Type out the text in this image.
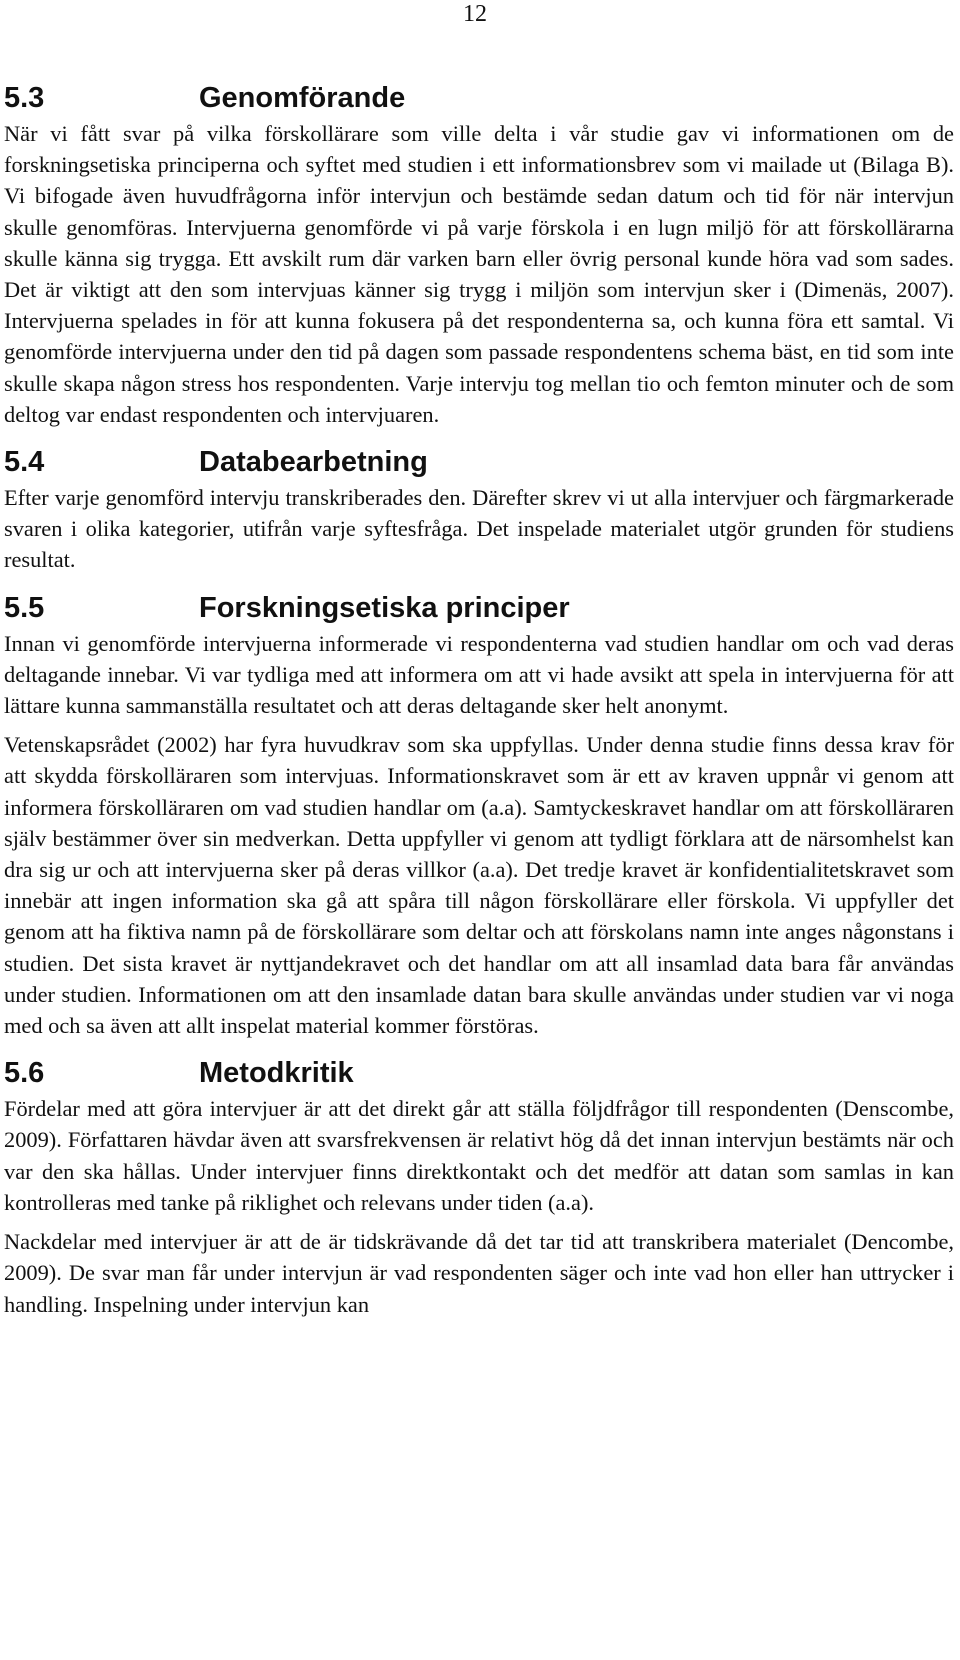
12
5.3	Genomförande

När vi fått svar på vilka förskollärare som ville delta i vår studie gav vi informationen om de forskningsetiska principerna och syftet med studien i ett informationsbrev som vi mailade ut (Bilaga B). Vi bifogade även huvudfrågorna inför intervjun och bestämde sedan datum och tid för när intervjun skulle genomföras. Intervjuerna genomförde vi på varje förskola i en lugn miljö för att förskollärarna skulle känna sig trygga. Ett avskilt rum där varken barn eller övrig personal kunde höra vad som sades. Det är viktigt att den som intervjuas känner sig trygg i miljön som intervjun sker i (Dimenäs, 2007). Intervjuerna spelades in för att kunna fokusera på det respondenterna sa, och kunna föra ett samtal. Vi genomförde intervjuerna under den tid på dagen som passade respondentens schema bäst, en tid som inte skulle skapa någon stress hos respondenten. Varje intervju tog mellan tio och femton minuter och de som deltog var endast respondenten och intervjuaren.

5.4	Databearbetning

Efter varje genomförd intervju transkriberades den. Därefter skrev vi ut alla intervjuer och färgmarkerade svaren i olika kategorier, utifrån varje syftesfråga. Det inspelade materialet utgör grunden för studiens resultat.

5.5	Forskningsetiska principer

Innan vi genomförde intervjuerna informerade vi respondenterna vad studien handlar om och vad deras deltagande innebar. Vi var tydliga med att informera om att vi hade avsikt att spela in intervjuerna för att lättare kunna sammanställa resultatet och att deras deltagande sker helt anonymt.

Vetenskapsrådet (2002) har fyra huvudkrav som ska uppfyllas. Under denna studie finns dessa krav för att skydda förskolläraren som intervjuas. Informationskravet som är ett av kraven uppnår vi genom att informera förskolläraren om vad studien handlar om (a.a). Samtyckeskravet handlar om att förskolläraren själv bestämmer över sin medverkan. Detta uppfyller vi genom att tydligt förklara att de närsomhelst kan dra sig ur och att intervjuerna sker på deras villkor (a.a). Det tredje kravet är konfidentialitetskravet som innebär att ingen information ska gå att spåra till någon förskollärare eller förskola. Vi uppfyller det genom att ha fiktiva namn på de förskollärare som deltar och att förskolans namn inte anges någonstans i studien. Det sista kravet är nyttjandekravet och det handlar om att all insamlad data bara får användas under studien. Informationen om att den insamlade datan bara skulle användas under studien var vi noga med och sa även att allt inspelat material kommer förstöras.

5.6	Metodkritik

Fördelar med att göra intervjuer är att det direkt går att ställa följdfrågor till respondenten (Denscombe, 2009). Författaren hävdar även att svarsfrekvensen är relativt hög då det innan intervjun bestämts när och var den ska hållas. Under intervjuer finns direktkontakt och det medför att datan som samlas in kan kontrolleras med tanke på riklighet och relevans under tiden (a.a).

Nackdelar med intervjuer är att de är tidskrävande då det tar tid att transkribera materialet (Dencombe, 2009). De svar man får under intervjun är vad respondenten säger och inte vad hon eller han uttrycker i handling. Inspelning under intervjun kan
